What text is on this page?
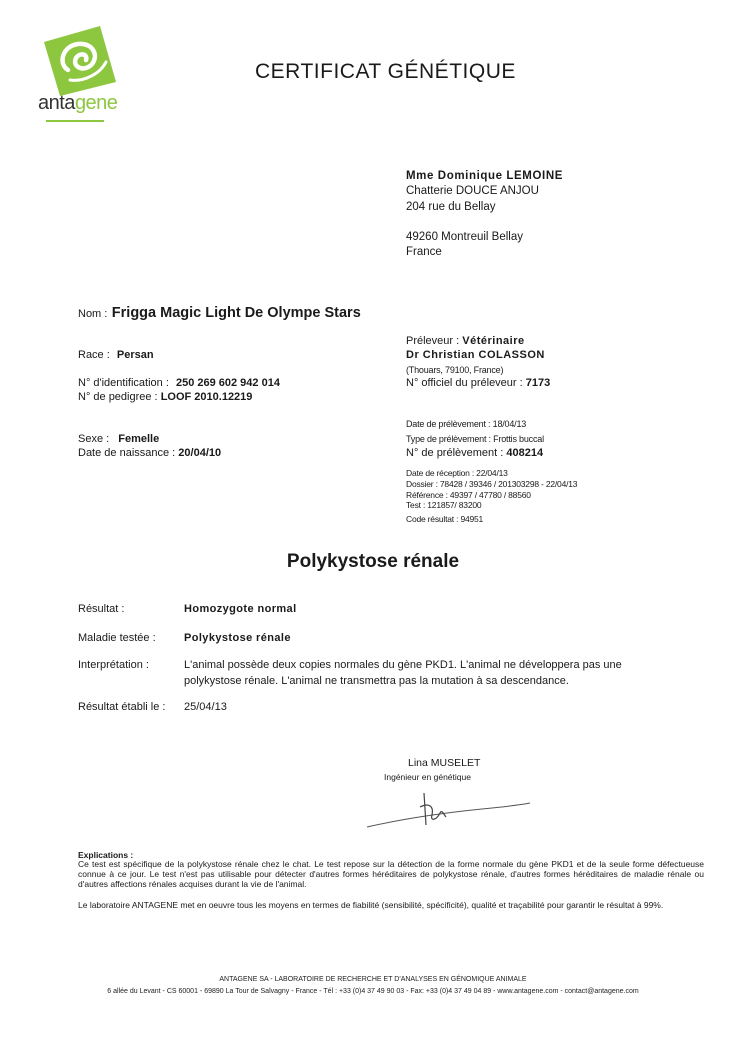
antagene
CERTIFICAT GÉNÉTIQUE
Mme Dominique LEMOINE
Chatterie DOUCE ANJOU
204 rue du Bellay
49260 Montreuil Bellay
France
Nom : Frigga Magic Light De Olympe Stars
Race : Persan
N° d'identification : 250 269 602 942 014
N° de pedigree : LOOF 2010.12219
Sexe : Femelle
Date de naissance : 20/04/10
Préleveur : Vétérinaire
Dr Christian COLASSON
(Thouars, 79100, France)
N° officiel du préleveur : 7173
Date de prélèvement : 18/04/13
Type de prélèvement : Frottis buccal
N° de prélèvement : 408214
Date de réception : 22/04/13
Dossier : 78428 / 39346 / 201303298 - 22/04/13
Référence : 49397 / 47780 / 88560
Test : 121857/ 83200
Code résultat : 94951
Polykystose rénale
Résultat :	Homozygote normal
Maladie testée :	Polykystose rénale
Interprétation :	L'animal possède deux copies normales du gène PKD1. L'animal ne développera pas une
polykystose rénale. L'animal ne transmettra pas la mutation à sa descendance.
Résultat établi le : 25/04/13
Lina MUSELET
Ingénieur en génétique
Explications :
Ce test est spécifique de la polykystose rénale chez le chat. Le test repose sur la détection de la forme normale du gène PKD1 et de la seule forme défectueuse connue à ce jour. Le test n'est pas utilisable pour détecter d'autres formes héréditaires de polykystose rénale, d'autres formes héréditaires de maladie rénale ou d'autres affections rénales acquises durant la vie de l'animal.
Le laboratoire ANTAGENE met en oeuvre tous les moyens en termes de fiabilité (sensibilité, spécificité), qualité et traçabilité pour garantir le résultat à 99%.
ANTAGENE SA - LABORATOIRE DE RECHERCHE ET D'ANALYSES EN GÉNOMIQUE ANIMALE
6 allée du Levant - CS 60001 - 69890 La Tour de Salvagny - France - Tél : +33 (0)4 37 49 90 03 - Fax: +33 (0)4 37 49 04 89 - www.antagene.com - contact@antagene.com
